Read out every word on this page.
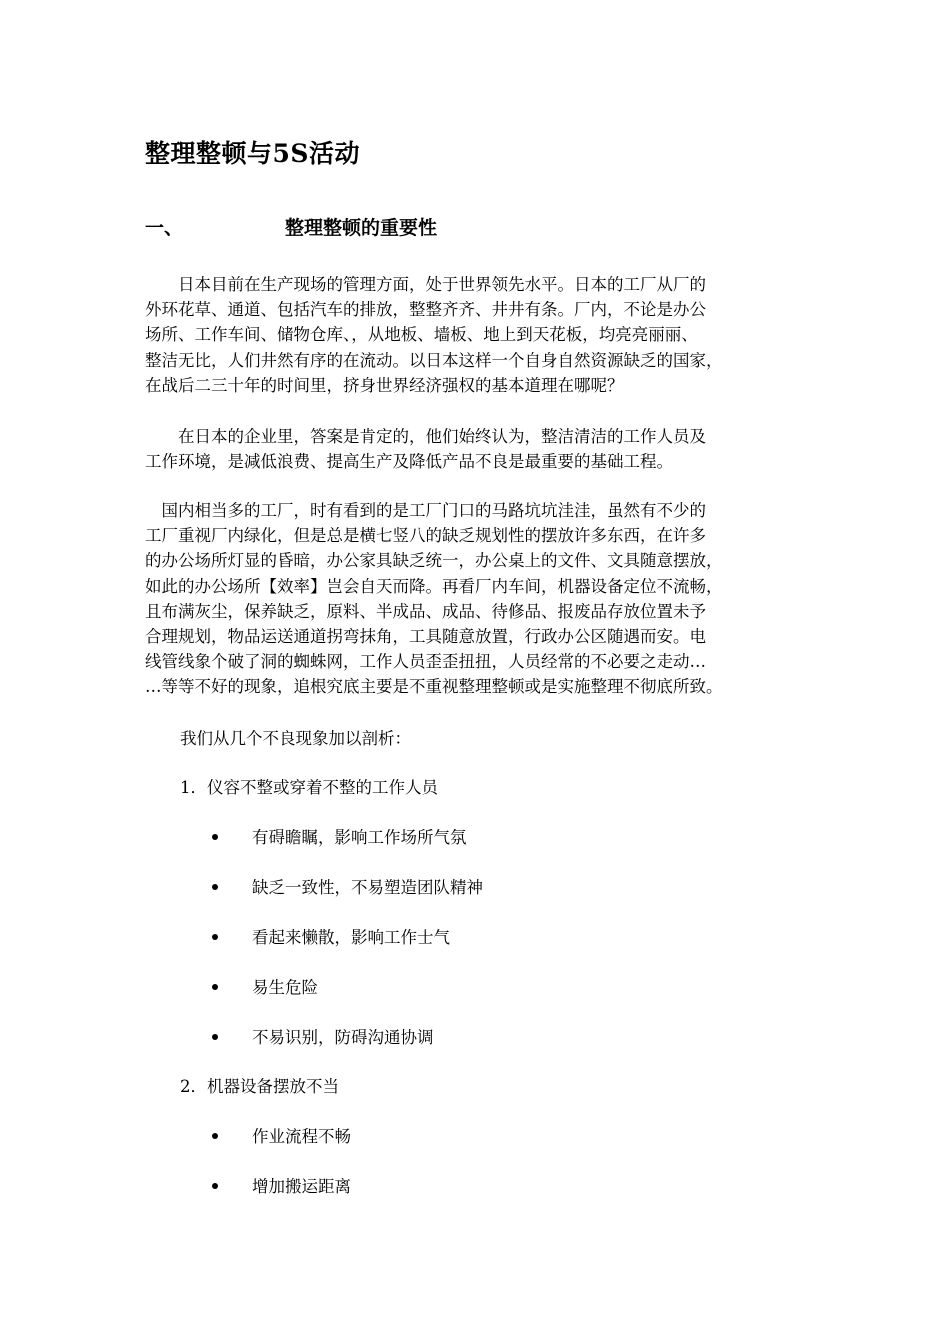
整理整顿与5S活动
一、	整理整顿的重要性
　　日本目前在生产现场的管理方面，处于世界领先水平。日本的工厂从厂的
外环花草、通道、包括汽车的排放，整整齐齐、井井有条。厂内，不论是办公
场所、工作车间、储物仓库、，从地板、墙板、地上到天花板，均亮亮丽丽、
整洁无比，人们井然有序的在流动。以日本这样一个自身自然资源缺乏的国家，
在战后二三十年的时间里，挤身世界经济强权的基本道理在哪呢？
　　在日本的企业里，答案是肯定的，他们始终认为，整洁清洁的工作人员及
工作环境，是减低浪费、提高生产及降低产品不良是最重要的基础工程。
　国内相当多的工厂，时有看到的是工厂门口的马路坑坑洼洼，虽然有不少的
工厂重视厂内绿化，但是总是横七竖八的缺乏规划性的摆放许多东西，在许多
的办公场所灯显的昏暗，办公家具缺乏统一，办公桌上的文件、文具随意摆放，
如此的办公场所【效率】岂会自天而降。再看厂内车间，机器设备定位不流畅，
且布满灰尘，保养缺乏，原料、半成品、成品、待修品、报废品存放位置未予
合理规划，物品运送通道拐弯抹角，工具随意放置，行政办公区随遇而安。电
线管线象个破了洞的蜘蛛网，工作人员歪歪扭扭，人员经常的不必要之走动…
…等等不好的现象，追根究底主要是不重视整理整顿或是实施整理不彻底所致。
我们从几个不良现象加以剖析：
1．仪容不整或穿着不整的工作人员
有碍瞻瞩，影响工作场所气氛
缺乏一致性，不易塑造团队精神
看起来懒散，影响工作士气
易生危险
不易识别，防碍沟通协调
2．机器设备摆放不当
作业流程不畅
增加搬运距离
